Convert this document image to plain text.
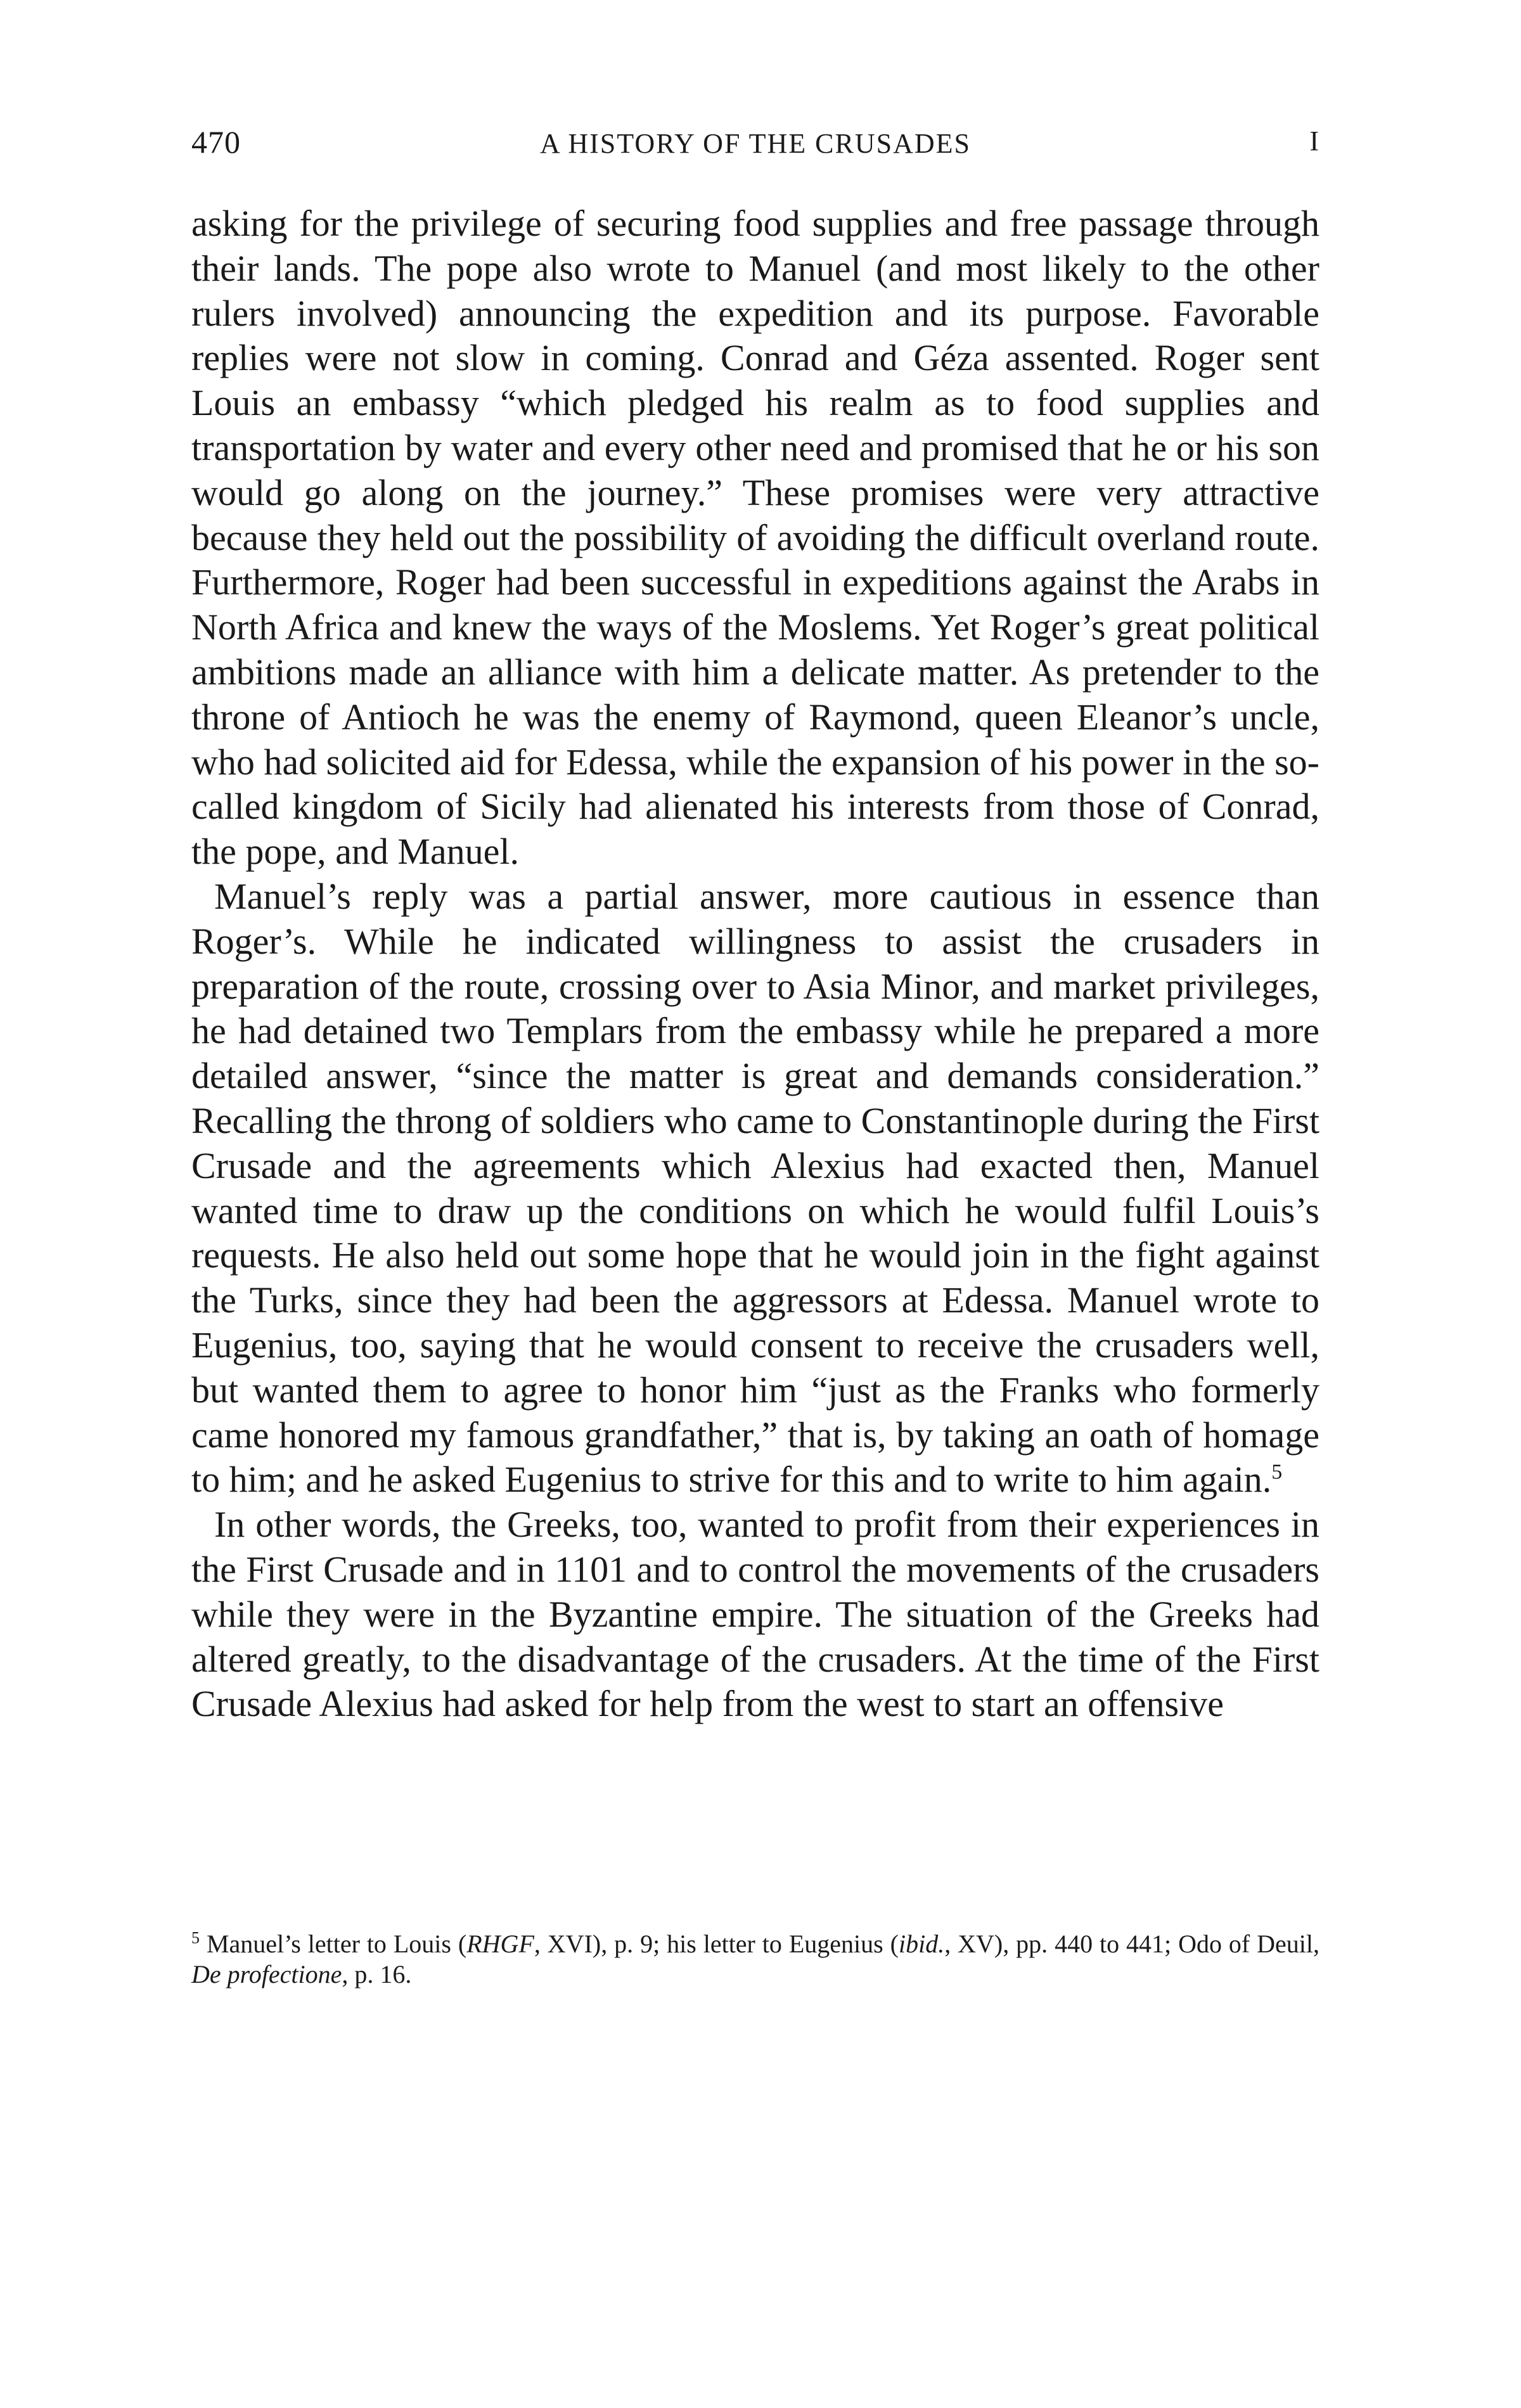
470	A HISTORY OF THE CRUSADES	I

asking for the privilege of securing food supplies and free passage through their lands. The pope also wrote to Manuel (and most likely to the other rulers involved) announcing the expedition and its purpose. Favorable replies were not slow in coming. Conrad and Géza assented. Roger sent Louis an embassy “which pledged his realm as to food supplies and transportation by water and every other need and promised that he or his son would go along on the journey.” These promises were very attractive because they held out the possibility of avoiding the difficult overland route. Furthermore, Roger had been successful in expeditions against the Arabs in North Africa and knew the ways of the Moslems. Yet Roger’s great political ambitions made an alliance with him a delicate matter. As pretender to the throne of Antioch he was the enemy of Raymond, queen Eleanor’s uncle, who had solicited aid for Edessa, while the expansion of his power in the so-called kingdom of Sicily had alienated his interests from those of Conrad, the pope, and Manuel.

Manuel’s reply was a partial answer, more cautious in essence than Roger’s. While he indicated willingness to assist the crusaders in preparation of the route, crossing over to Asia Minor, and market privileges, he had detained two Templars from the embassy while he prepared a more detailed answer, “since the matter is great and demands consideration.” Recalling the throng of soldiers who came to Constantinople during the First Crusade and the agreements which Alexius had exacted then, Manuel wanted time to draw up the conditions on which he would fulfil Louis’s requests. He also held out some hope that he would join in the fight against the Turks, since they had been the aggressors at Edessa. Manuel wrote to Eugenius, too, saying that he would consent to receive the crusaders well, but wanted them to agree to honor him “just as the Franks who formerly came honored my famous grandfather,” that is, by taking an oath of homage to him; and he asked Eugenius to strive for this and to write to him again.$^5$

In other words, the Greeks, too, wanted to profit from their experiences in the First Crusade and in 1101 and to control the movements of the crusaders while they were in the Byzantine empire. The situation of the Greeks had altered greatly, to the disadvantage of the crusaders. At the time of the First Crusade Alexius had asked for help from the west to start an offensive

$^5$ Manuel’s letter to Louis (RHGF, XVI), p. 9; his letter to Eugenius (ibid., XV), pp. 440 to 441; Odo of Deuil, De profectione, p. 16.
